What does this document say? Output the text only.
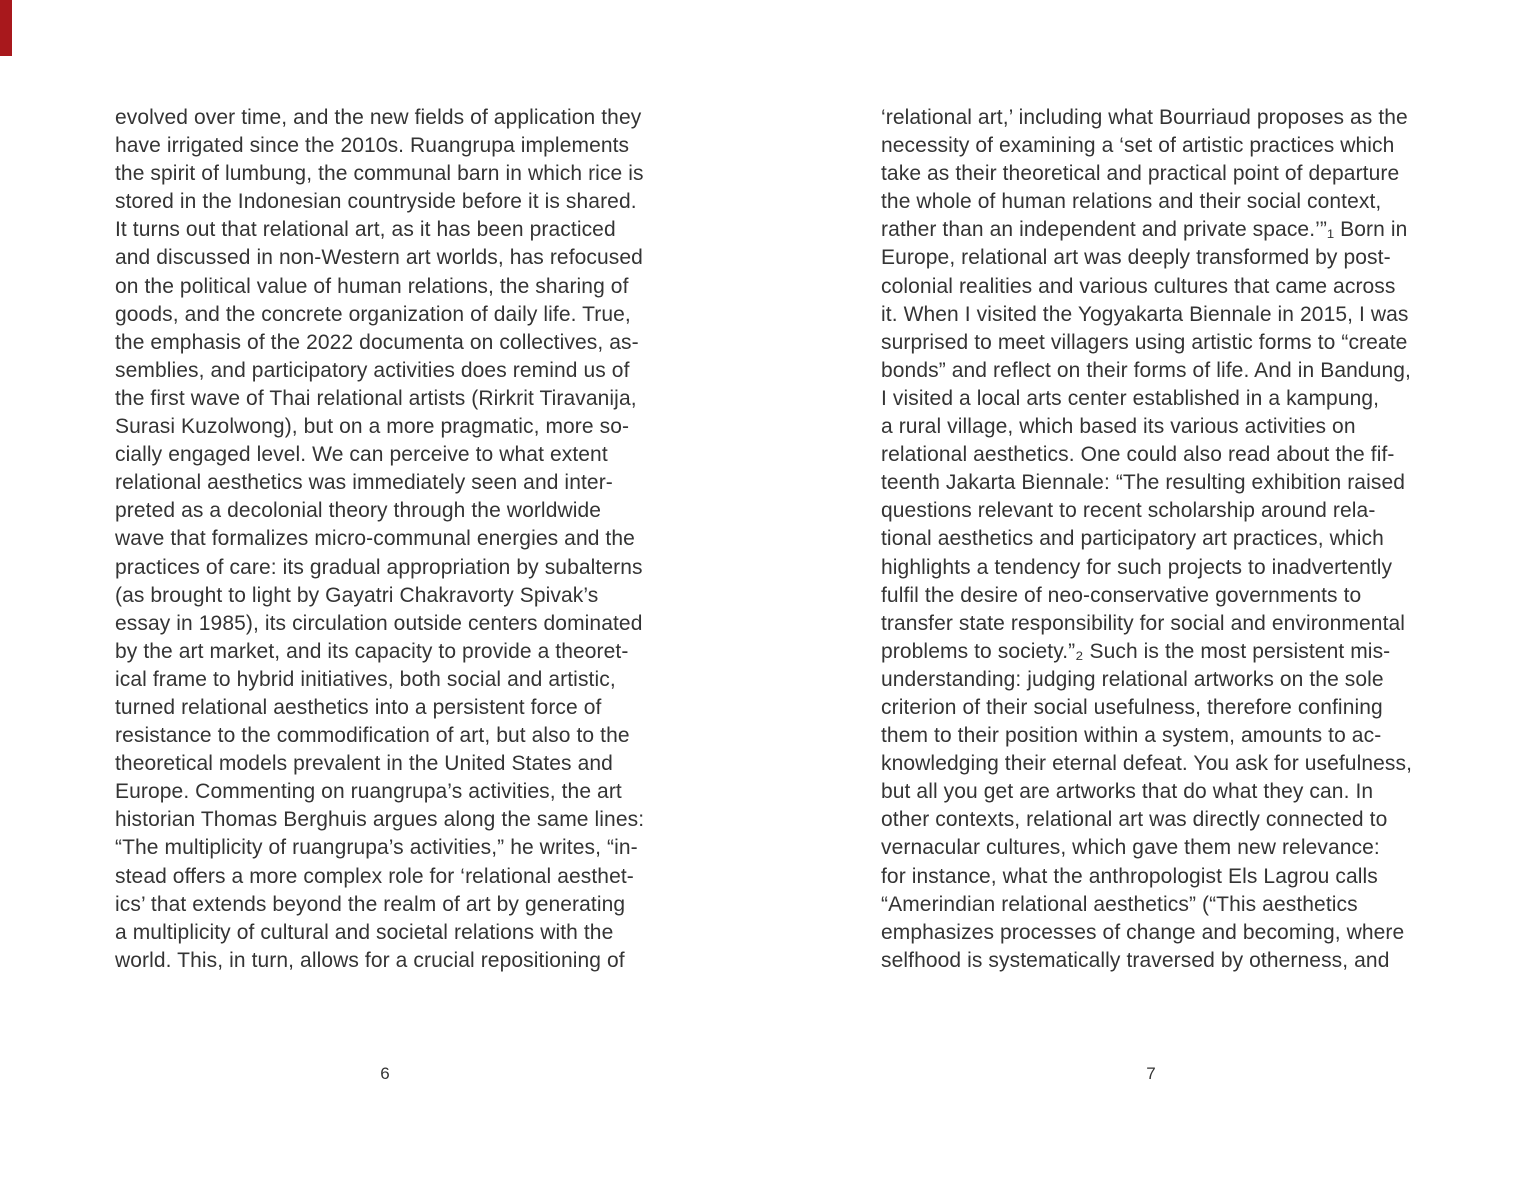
evolved over time, and the new fields of application they
have irrigated since the 2010s. Ruangrupa implements
the spirit of lumbung, the communal barn in which rice is
stored in the Indonesian countryside before it is shared.
It turns out that relational art, as it has been practiced
and discussed in non-Western art worlds, has refocused
on the political value of human relations, the sharing of
goods, and the concrete organization of daily life. True,
the emphasis of the 2022 documenta on collectives, as-
semblies, and participatory activities does remind us of
the first wave of Thai relational artists (Rirkrit Tiravanija,
Surasi Kuzolwong), but on a more pragmatic, more so-
cially engaged level. We can perceive to what extent
relational aesthetics was immediately seen and inter-
preted as a decolonial theory through the worldwide
wave that formalizes micro-communal energies and the
practices of care: its gradual appropriation by subalterns
(as brought to light by Gayatri Chakravorty Spivak’s
essay in 1985), its circulation outside centers dominated
by the art market, and its capacity to provide a theoret-
ical frame to hybrid initiatives, both social and artistic,
turned relational aesthetics into a persistent force of
resistance to the commodification of art, but also to the
theoretical models prevalent in the United States and
Europe. Commenting on ruangrupa’s activities, the art
historian Thomas Berghuis argues along the same lines:
“The multiplicity of ruangrupa’s activities,” he writes, “in-
stead offers a more complex role for ‘relational aesthet-
ics’ that extends beyond the realm of art by generating
a multiplicity of cultural and societal relations with the
world. This, in turn, allows for a crucial repositioning of
‘relational art,’ including what Bourriaud proposes as the
necessity of examining a ‘set of artistic practices which
take as their theoretical and practical point of departure
the whole of human relations and their social context,
rather than an independent and private space.’”₁ Born in
Europe, relational art was deeply transformed by post-
colonial realities and various cultures that came across
it. When I visited the Yogyakarta Biennale in 2015, I was
surprised to meet villagers using artistic forms to “create
bonds” and reflect on their forms of life. And in Bandung,
I visited a local arts center established in a kampung,
a rural village, which based its various activities on
relational aesthetics. One could also read about the fif-
teenth Jakarta Biennale: “The resulting exhibition raised
questions relevant to recent scholarship around rela-
tional aesthetics and participatory art practices, which
highlights a tendency for such projects to inadvertently
fulfil the desire of neo-conservative governments to
transfer state responsibility for social and environmental
problems to society.”₂ Such is the most persistent mis-
understanding: judging relational artworks on the sole
criterion of their social usefulness, therefore confining
them to their position within a system, amounts to ac-
knowledging their eternal defeat. You ask for usefulness,
but all you get are artworks that do what they can. In
other contexts, relational art was directly connected to
vernacular cultures, which gave them new relevance:
for instance, what the anthropologist Els Lagrou calls
“Amerindian relational aesthetics” (“This aesthetics
emphasizes processes of change and becoming, where
selfhood is systematically traversed by otherness, and
6	7
